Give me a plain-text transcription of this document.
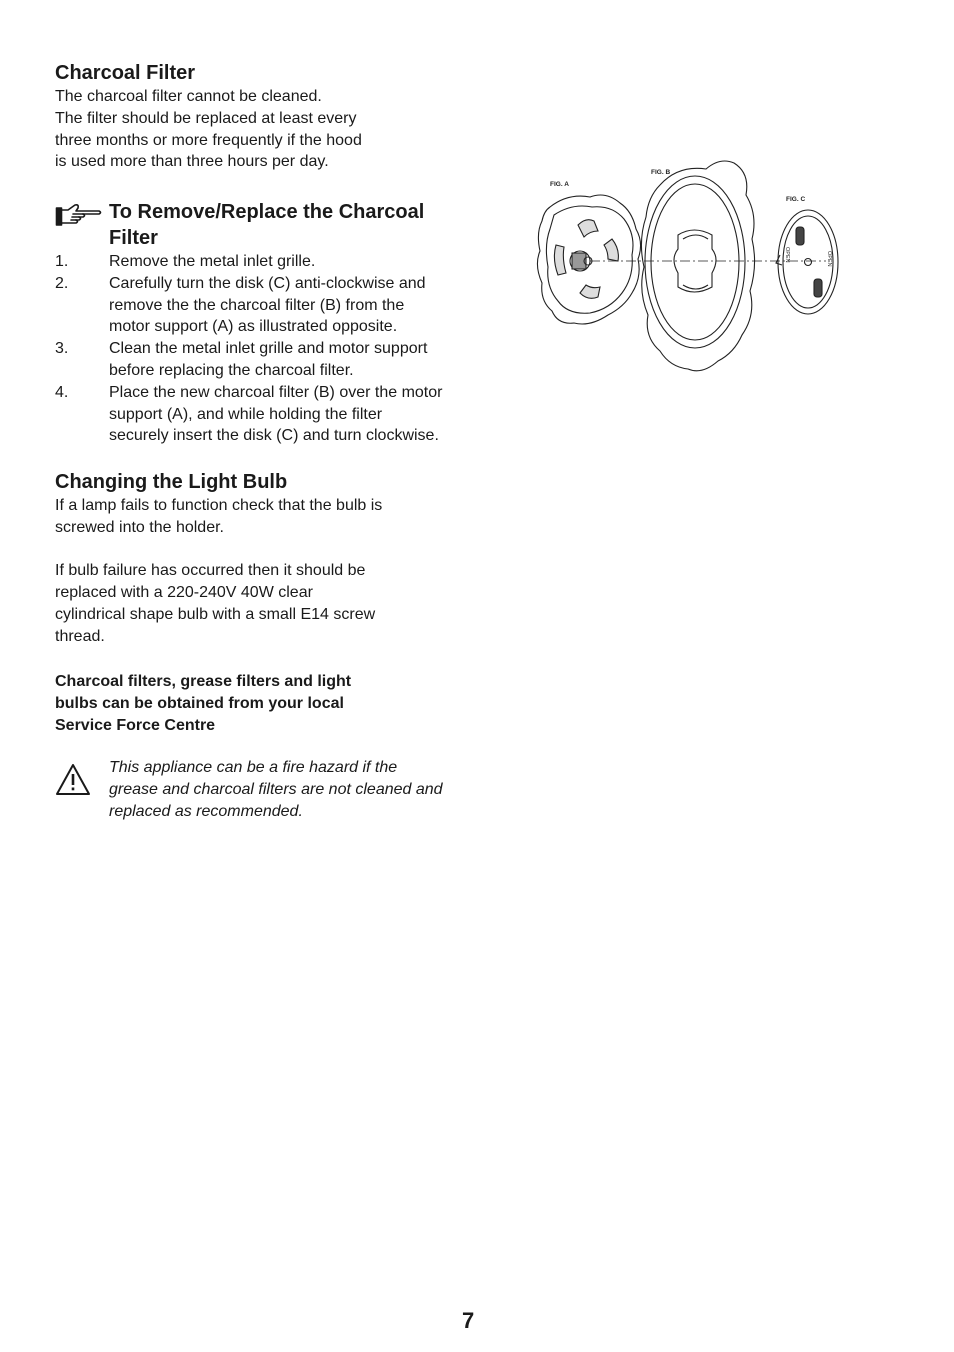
Charcoal Filter

The charcoal filter cannot be cleaned.

The filter should be replaced at least every

three months or more frequently if the hood

is used more than three hours per day.

To Remove/Replace the Charcoal
Filter
1.	Remove the metal inlet grille.
2.	Carefully turn the disk (C) anti-clockwise and
remove the the charcoal filter (B) from the
motor support (A) as illustrated opposite.
3.	Clean the metal inlet grille and motor support
before replacing the charcoal filter.
4.	Place the new charcoal filter (B) over the motor
support (A), and while holding the filter
securely insert the disk (C) and turn clockwise.
Changing the Light Bulb

If a lamp fails to function check that the bulb is

screwed into the holder.

If bulb failure has occurred then it should be

replaced with a 220-240V 40W clear

cylindrical shape bulb with a small E14 screw

thread.

Charcoal filters, grease filters and light

bulbs can be obtained from your local

Service Force Centre

This appliance can be a fire hazard if the

grease and charcoal filters are not cleaned and

replaced as recommended.

FIG. A
FIG. B
FIG. C
OPEN	OPEN
7
